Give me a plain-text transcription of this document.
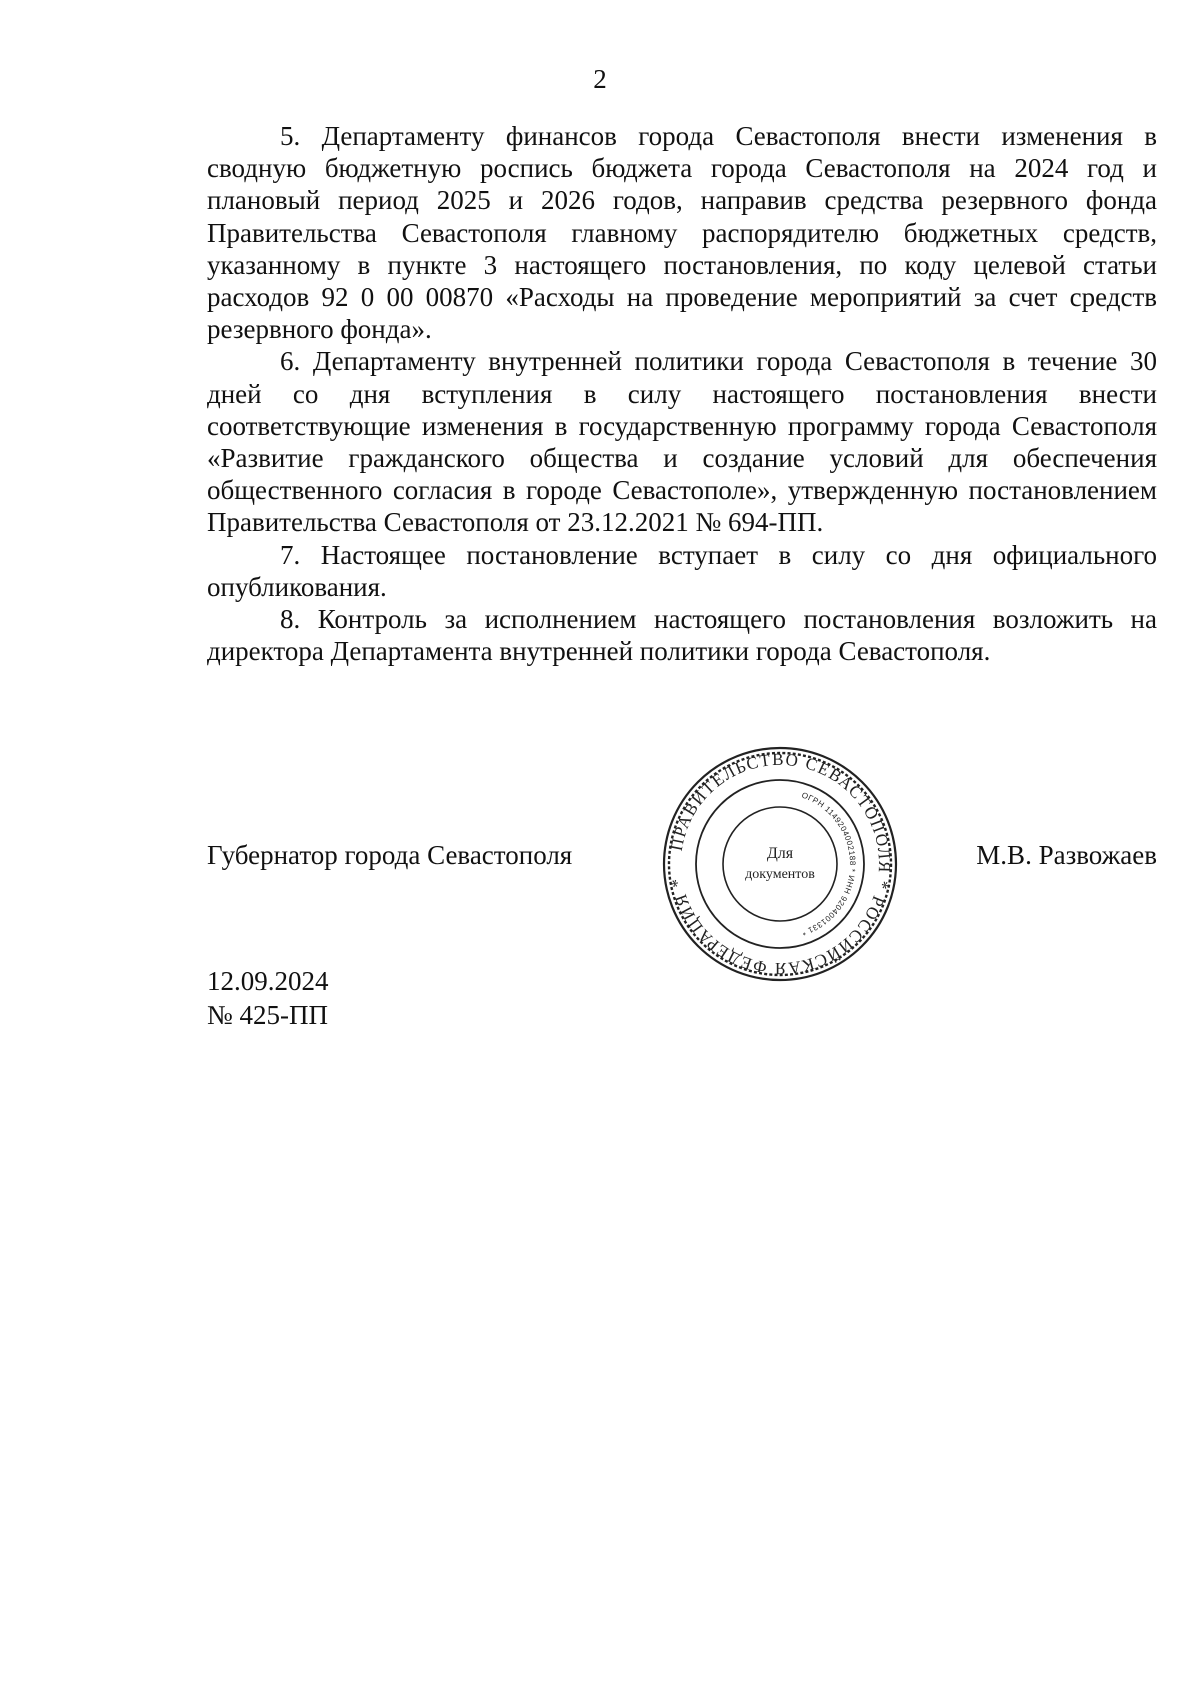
2

5. Департаменту финансов города Севастополя внести изменения в сводную бюджетную роспись бюджета города Севастополя на 2024 год и плановый период 2025 и 2026 годов, направив средства резервного фонда Правительства Севастополя главному распорядителю бюджетных средств, указанному в пункте 3 настоящего постановления, по коду целевой статьи расходов 92 0 00 00870 «Расходы на проведение мероприятий за счет средств резервного фонда».

6. Департаменту внутренней политики города Севастополя в течение 30 дней со дня вступления в силу настоящего постановления внести соответствующие изменения в государственную программу города Севастополя «Развитие гражданского общества и создание условий для обеспечения общественного согласия в городе Севастополе», утвержденную постановлением Правительства Севастополя от 23.12.2021 № 694-ПП.

7. Настоящее постановление вступает в силу со дня официального опубликования.

8. Контроль за исполнением настоящего постановления возложить на директора Департамента внутренней политики города Севастополя.

Губернатор города Севастополя	М.В. Развожаев
ПРАВИТЕЛЬСТВО СЕВАСТОПОЛЯ * РОССИЙСКАЯ ФЕДЕРАЦИЯ *
ОГРН 1149204002188 * ИНН 9204001331 *
Для
документов
12.09.2024
№ 425-ПП
